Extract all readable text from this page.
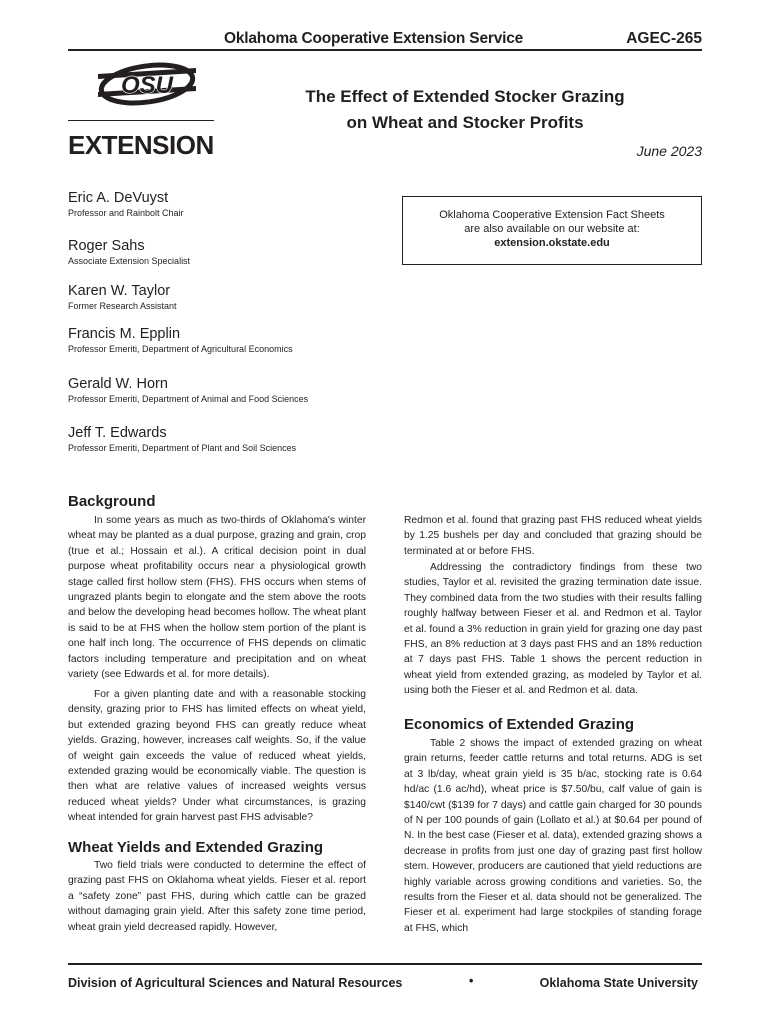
Oklahoma Cooperative Extension Service	AGEC-265
OSU
EXTENSION
The Effect of Extended Stocker Grazing
on Wheat and Stocker Profits
June 2023
Eric A. DeVuyst
Professor and Rainbolt Chair
Roger Sahs
Associate Extension Specialist
Karen W. Taylor
Former Research Assistant
Francis M. Epplin
Professor Emeriti, Department of Agricultural Economics
Gerald W. Horn
Professor Emeriti, Department of Animal and Food Sciences
Jeff T. Edwards
Professor Emeriti, Department of Plant and Soil Sciences
Oklahoma Cooperative Extension Fact Sheets
are also available on our website at:
extension.okstate.edu
Background

In some years as much as two-thirds of Oklahoma's winter wheat may be planted as a dual purpose, grazing and grain, crop (true et al.; Hossain et al.). A critical decision point in dual purpose wheat profitability occurs near a physiological growth stage called first hollow stem (FHS). FHS occurs when stems of ungrazed plants begin to elongate and the stem above the roots and below the developing head becomes hollow. The wheat plant is said to be at FHS when the hollow stem portion of the plant is one half inch long. The occurrence of FHS depends on climatic factors including temperature and precipitation and on wheat variety (see Edwards et al. for more details).

For a given planting date and with a reasonable stocking density, grazing prior to FHS has limited effects on wheat yield, but extended grazing beyond FHS can greatly reduce wheat yields. Grazing, however, increases calf weights. So, if the value of weight gain exceeds the value of reduced wheat yields, extended grazing would be economically viable. The question is then what are relative values of increased weights versus reduced wheat yields? Under what circumstances, is grazing wheat intended for grain harvest past FHS advisable?

Wheat Yields and Extended Grazing

Two field trials were conducted to determine the effect of grazing past FHS on Oklahoma wheat yields. Fieser et al. report a “safety zone” past FHS, during which cattle can be grazed without damaging grain yield. After this safety zone time period, wheat grain yield decreased rapidly. However,

Redmon et al. found that grazing past FHS reduced wheat yields by 1.25 bushels per day and concluded that grazing should be terminated at or before FHS.

Addressing the contradictory findings from these two studies, Taylor et al. revisited the grazing termination date issue. They combined data from the two studies with their results falling roughly halfway between Fieser et al. and Redmon et al. Taylor et al. found a 3% reduction in grain yield for grazing one day past FHS, an 8% reduction at 3 days past FHS and an 18% reduction at 7 days past FHS. Table 1 shows the percent reduction in wheat yield from extended grazing, as modeled by Taylor et al. using both the Fieser et al. and Redmon et al. data.

Economics of Extended Grazing

Table 2 shows the impact of extended grazing on wheat grain returns, feeder cattle returns and total returns. ADG is set at 3 lb/day, wheat grain yield is 35 b/ac, stocking rate is 0.64 hd/ac (1.6 ac/hd), wheat price is $7.50/bu, calf value of gain is $140/cwt ($139 for 7 days) and cattle gain charged for 30 pounds of N per 100 pounds of gain (Lollato et al.) at $0.64 per pound of N. In the best case (Fieser et al. data), extended grazing shows a decrease in profits from just one day of grazing past first hollow stem. However, producers are cautioned that yield reductions are highly variable across growing conditions and varieties. So, the results from the Fieser et al. data should not be generalized. The Fieser et al. experiment had large stockpiles of standing forage at FHS, which

Division of Agricultural Sciences and Natural Resources	•	Oklahoma State University
